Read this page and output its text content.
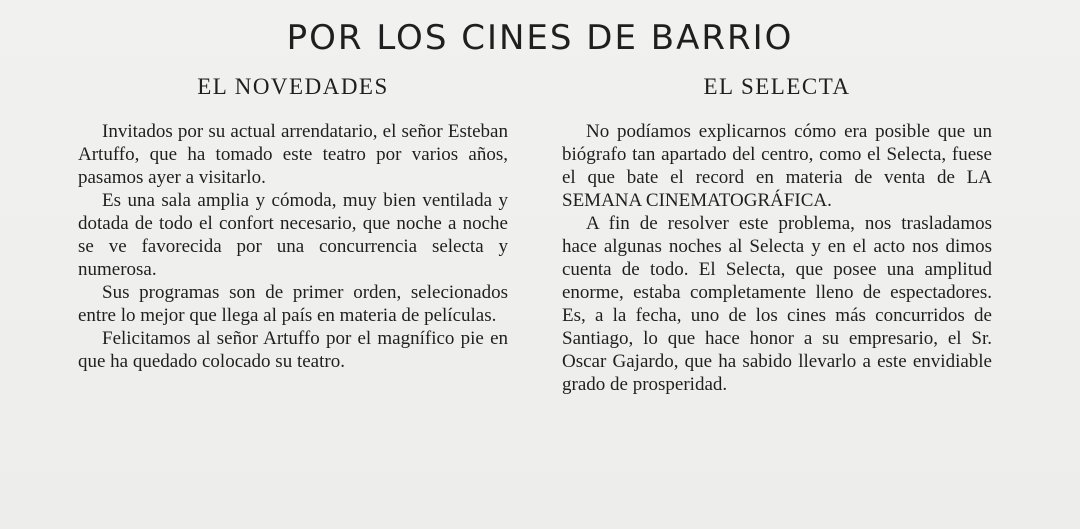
POR LOS CINES DE BARRIO
EL NOVEDADES

Invitados por su actual arrendatario, el señor Esteban Artuffo, que ha tomado este teatro por varios años, pasamos ayer a visitarlo.

Es una sala amplia y cómoda, muy bien ventilada y dotada de todo el confort necesario, que noche a noche se ve favorecida por una concurrencia selecta y numerosa.

Sus programas son de primer orden, selecionados entre lo mejor que llega al país en materia de películas.

Felicitamos al señor Artuffo por el magnífico pie en que ha quedado colocado su teatro.

EL SELECTA

No podíamos explicarnos cómo era posible que un biógrafo tan apartado del centro, como el Selecta, fuese el que bate el record en materia de venta de LA SEMANA CINEMATOGRÁFICA.

A fin de resolver este problema, nos trasladamos hace algunas noches al Selecta y en el acto nos dimos cuenta de todo. El Selecta, que posee una amplitud enorme, estaba completamente lleno de espectadores. Es, a la fecha, uno de los cines más concurridos de Santiago, lo que hace honor a su empresario, el Sr. Oscar Gajardo, que ha sabido llevarlo a este envidiable grado de prosperidad.
